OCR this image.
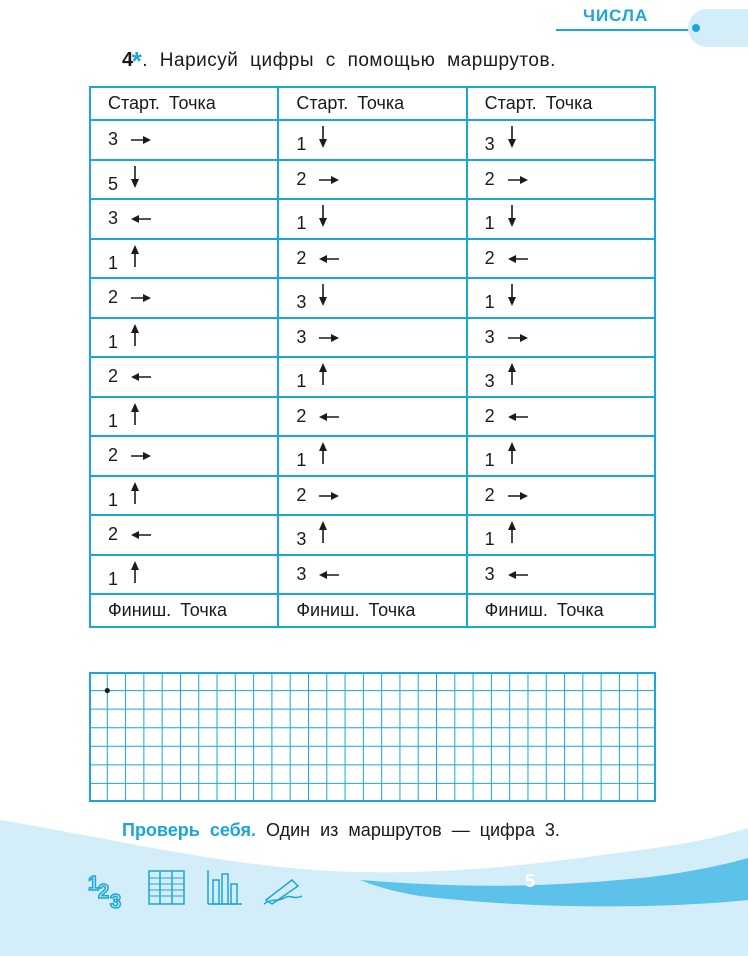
ЧИСЛА
4*. Нарисуй цифры с помощью маршрутов.
Старт. Точка	Старт. Точка	Старт. Точка

3	1	3

5	2	2

3	1	1

1	2	2

2	3	1

1	3	3

2	1	3

1	2	2

2	1	1

1	2	2

2	3	1

1	3	3

Финиш. Точка	Финиш. Точка	Финиш. Точка
Проверь себя. Один из маршрутов — цифра 3.
5
1
2 3
